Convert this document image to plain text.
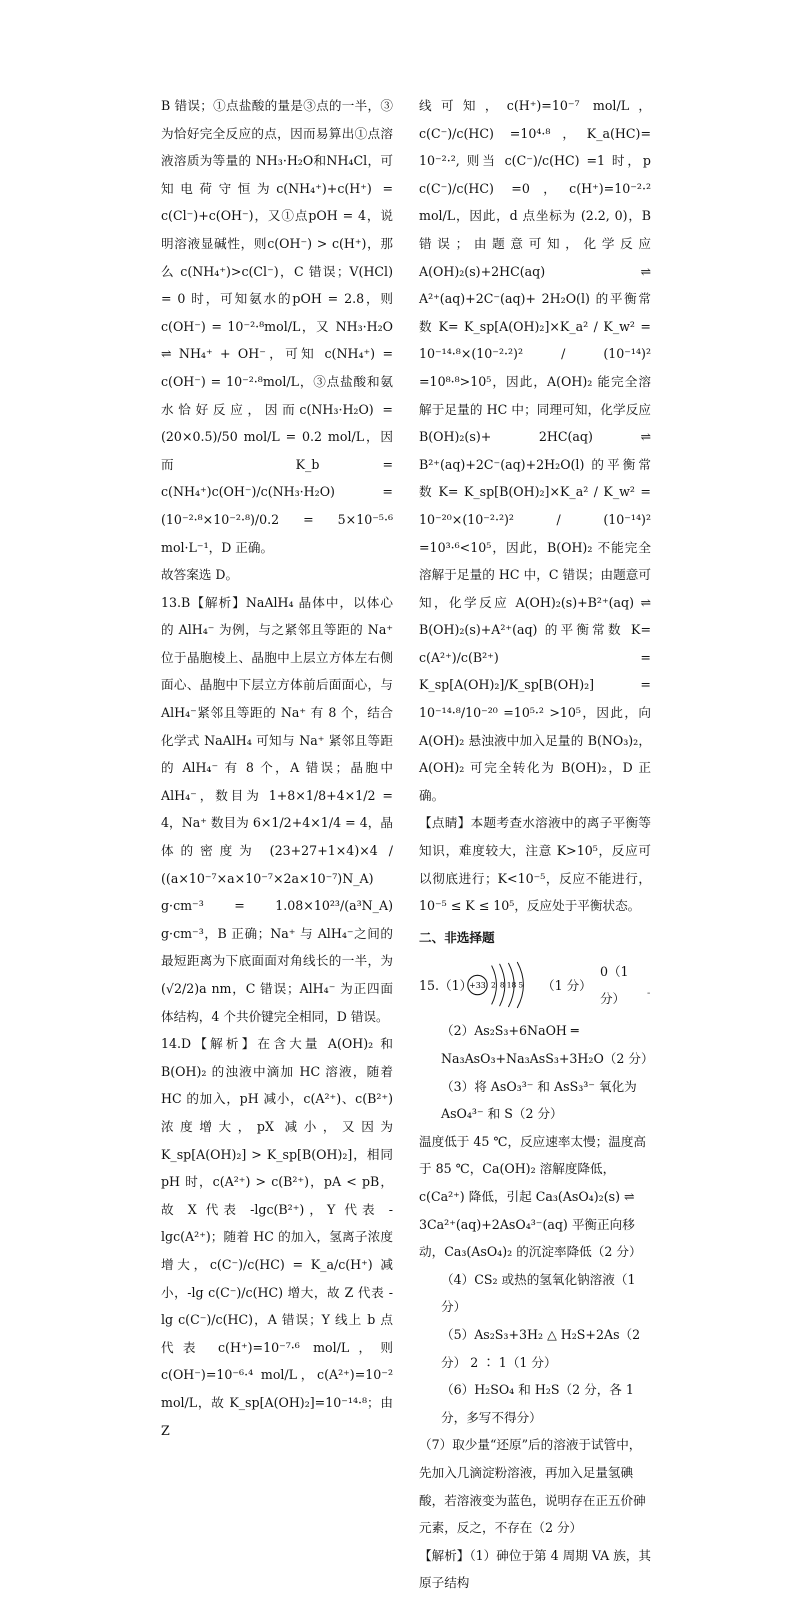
B 错误；①点盐酸的量是③点的一半，③为恰好完全反应的点，因而易算出①点溶液溶质为等量的 NH₃·H₂O和NH₄Cl，可知电荷守恒为c(NH₄⁺)+c(H⁺) = c(Cl⁻)+c(OH⁻)，又①点pOH = 4，说明溶液显碱性，则c(OH⁻) > c(H⁺)，那么 c(NH₄⁺)>c(Cl⁻)，C 错误；V(HCl) = 0 时，可知氨水的pOH = 2.8，则c(OH⁻) = 10⁻²·⁸mol/L，又 NH₃·H₂O ⇌ NH₄⁺ + OH⁻，可知 c(NH₄⁺) = c(OH⁻) = 10⁻²·⁸mol/L，③点盐酸和氨水恰好反应，因而c(NH₃·H₂O) = (20×0.5)/50 mol/L = 0.2 mol/L，因而 K_b = c(NH₄⁺)c(OH⁻)/c(NH₃·H₂O) = (10⁻²·⁸×10⁻²·⁸)/0.2 = 5×10⁻⁵·⁶ mol·L⁻¹，D 正确。

故答案选 D。

13.B【解析】NaAlH₄ 晶体中，以体心的 AlH₄⁻ 为例，与之紧邻且等距的 Na⁺ 位于晶胞棱上、晶胞中上层立方体左右侧面心、晶胞中下层立方体前后面面心，与 AlH₄⁻紧邻且等距的 Na⁺ 有 8 个，结合化学式 NaAlH₄ 可知与 Na⁺ 紧邻且等距的 AlH₄⁻ 有 8 个，A 错误；晶胞中 AlH₄⁻，数目为 1+8×1/8+4×1/2 = 4，Na⁺ 数目为 6×1/2+4×1/4 = 4，晶体的密度为 (23+27+1×4)×4 / ((a×10⁻⁷×a×10⁻⁷×2a×10⁻⁷)N_A) g·cm⁻³ = 1.08×10²³/(a³N_A) g·cm⁻³，B 正确；Na⁺ 与 AlH₄⁻之间的最短距离为下底面面对角线长的一半，为 (√2/2)a nm，C 错误；AlH₄⁻ 为正四面体结构，4 个共价键完全相同，D 错误。

14.D【解析】在含大量 A(OH)₂ 和 B(OH)₂ 的浊液中滴加 HC 溶液，随着 HC 的加入，pH 减小，c(A²⁺)、c(B²⁺) 浓度增大，pX 减小，又因为 K_sp[A(OH)₂] > K_sp[B(OH)₂]，相同 pH 时，c(A²⁺) > c(B²⁺)，pA < pB，故 X 代表 -lgc(B²⁺)，Y 代表 -lgc(A²⁺)；随着 HC 的加入，氢离子浓度增大，c(C⁻)/c(HC) = K_a/c(H⁺) 减小，-lg c(C⁻)/c(HC) 增大，故 Z 代表 -lg c(C⁻)/c(HC)，A 错误；Y 线上 b 点代表 c(H⁺)=10⁻⁷·⁶ mol/L，则 c(OH⁻)=10⁻⁶·⁴ mol/L，c(A²⁺)=10⁻² mol/L，故 K_sp[A(OH)₂]=10⁻¹⁴·⁸；由 Z

线可知，c(H⁺)=10⁻⁷ mol/L，c(C⁻)/c(HC) =10⁴·⁸，K_a(HC)= 10⁻²·², 则当 c(C⁻)/c(HC) =1 时，p c(C⁻)/c(HC) =0，c(H⁺)=10⁻²·² mol/L，因此，d 点坐标为 (2.2, 0)，B 错误；由题意可知，化学反应 A(OH)₂(s)+2HC(aq) ⇌ A²⁺(aq)+2C⁻(aq)+ 2H₂O(l) 的平衡常数 K= K_sp[A(OH)₂]×K_a² / K_w² = 10⁻¹⁴·⁸×(10⁻²·²)² / (10⁻¹⁴)² =10⁸·⁸>10⁵，因此，A(OH)₂ 能完全溶解于足量的 HC 中；同理可知，化学反应 B(OH)₂(s)+ 2HC(aq) ⇌ B²⁺(aq)+2C⁻(aq)+2H₂O(l) 的平衡常数 K= K_sp[B(OH)₂]×K_a² / K_w² = 10⁻²⁰×(10⁻²·²)² / (10⁻¹⁴)² =10³·⁶<10⁵，因此，B(OH)₂ 不能完全溶解于足量的 HC 中，C 错误；由题意可知，化学反应 A(OH)₂(s)+B²⁺(aq) ⇌ B(OH)₂(s)+A²⁺(aq) 的平衡常数 K= c(A²⁺)/c(B²⁺) = K_sp[A(OH)₂]/K_sp[B(OH)₂] = 10⁻¹⁴·⁸/10⁻²⁰ =10⁵·² >10⁵，因此，向 A(OH)₂ 悬浊液中加入足量的 B(NO₃)₂，A(OH)₂ 可完全转化为 B(OH)₂，D 正确。

【点睛】本题考查水溶液中的离子平衡等知识，难度较大，注意 K>10⁵，反应可以彻底进行；K<10⁻⁵，反应不能进行，10⁻⁵ ≤ K ≤ 10⁵，反应处于平衡状态。

二、非选择题

15.（1）
+33 2 8 18 5 （1 分）
0（1 分）

（2）As₂S₃+6NaOH ═ Na₃AsO₃+Na₃AsS₃+3H₂O（2 分）

（3）将 AsO₃³⁻ 和 AsS₃³⁻ 氧化为 AsO₄³⁻ 和 S（2 分）

温度低于 45 ℃，反应速率太慢；温度高于 85 ℃，Ca(OH)₂ 溶解度降低，c(Ca²⁺) 降低，引起 Ca₃(AsO₄)₂(s) ⇌ 3Ca²⁺(aq)+2AsO₄³⁻(aq) 平衡正向移动，Ca₃(AsO₄)₂ 的沉淀率降低（2 分）

（4）CS₂ 或热的氢氧化钠溶液（1 分）

（5）As₂S₃+3H₂ △ H₂S+2As（2 分） 2 ∶ 1（1 分）

（6）H₂SO₄ 和 H₂S（2 分，各 1 分，多写不得分）

（7）取少量“还原”后的溶液于试管中，先加入几滴淀粉溶液，再加入足量氢碘酸，若溶液变为蓝色，说明存在正五价砷元素，反之，不存在（2 分）

【解析】（1）砷位于第 4 周期 VA 族，其原子结构

-
